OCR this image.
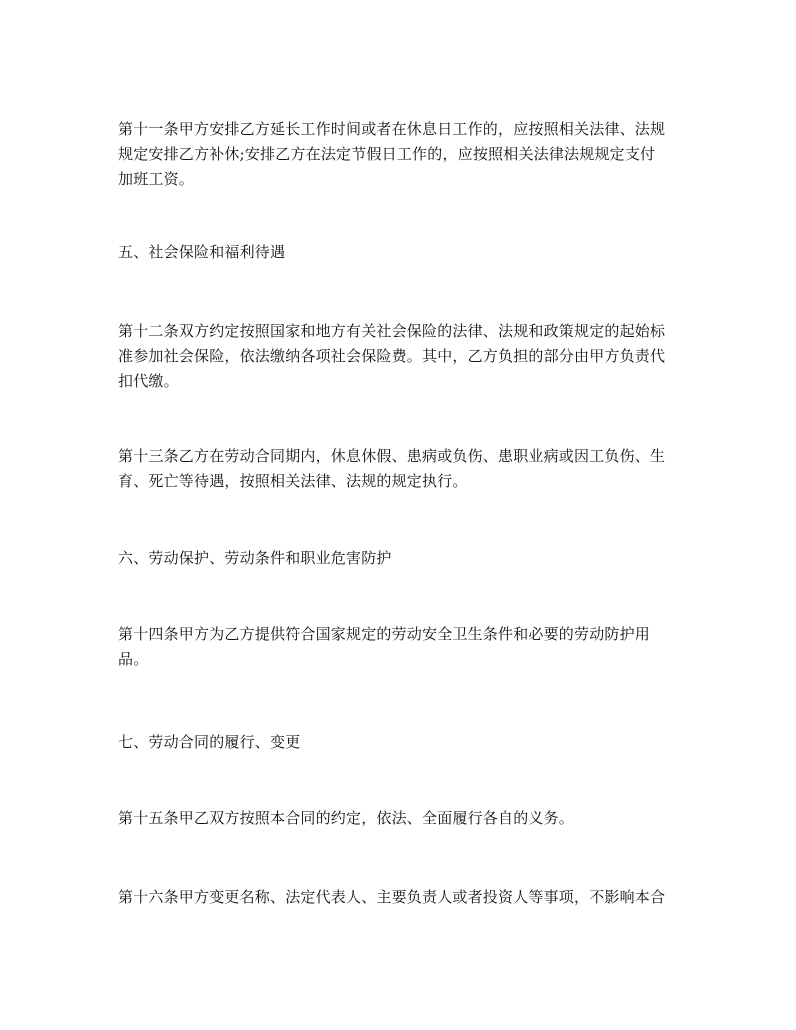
第十一条甲方安排乙方延长工作时间或者在休息日工作的，应按照相关法律、法规
规定安排乙方补休;安排乙方在法定节假日工作的，应按照相关法律法规规定支付
加班工资。

五、社会保险和福利待遇

第十二条双方约定按照国家和地方有关社会保险的法律、法规和政策规定的起始标
准参加社会保险，依法缴纳各项社会保险费。其中，乙方负担的部分由甲方负责代
扣代缴。

第十三条乙方在劳动合同期内，休息休假、患病或负伤、患职业病或因工负伤、生
育、死亡等待遇，按照相关法律、法规的规定执行。

六、劳动保护、劳动条件和职业危害防护

第十四条甲方为乙方提供符合国家规定的劳动安全卫生条件和必要的劳动防护用
品。

七、劳动合同的履行、变更

第十五条甲乙双方按照本合同的约定，依法、全面履行各自的义务。

第十六条甲方变更名称、法定代表人、主要负责人或者投资人等事项，不影响本合
